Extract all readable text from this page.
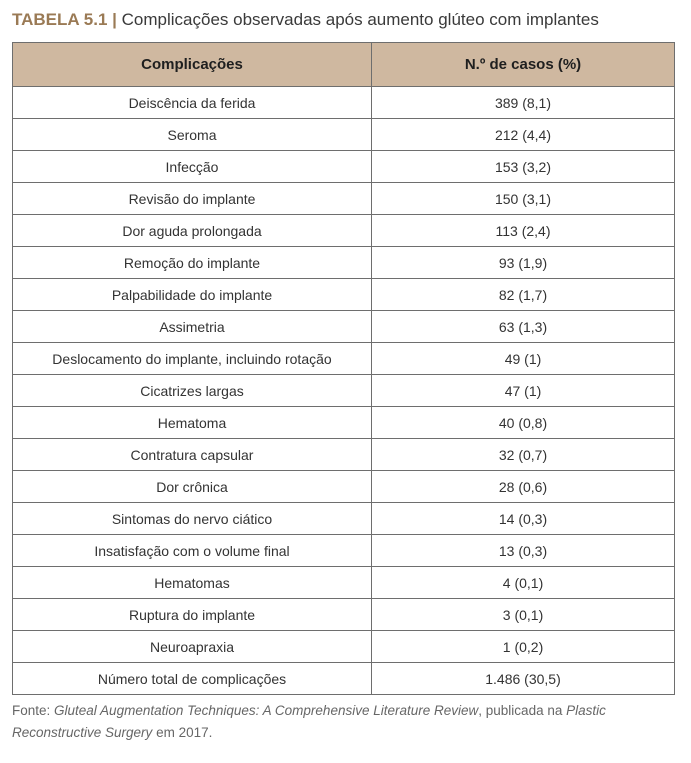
TABELA 5.1 | Complicações observadas após aumento glúteo com implantes
Complicações	N.º de casos (%)
Deiscência da ferida	389 (8,1)
Seroma	212 (4,4)
Infecção	153 (3,2)
Revisão do implante	150 (3,1)
Dor aguda prolongada	113 (2,4)
Remoção do implante	93 (1,9)
Palpabilidade do implante	82 (1,7)
Assimetria	63 (1,3)
Deslocamento do implante, incluindo rotação	49 (1)
Cicatrizes largas	47 (1)
Hematoma	40 (0,8)
Contratura capsular	32 (0,7)
Dor crônica	28 (0,6)
Sintomas do nervo ciático	14 (0,3)
Insatisfação com o volume final	13 (0,3)
Hematomas	4 (0,1)
Ruptura do implante	3 (0,1)
Neuroapraxia	1 (0,2)
Número total de complicações	1.486 (30,5)
Fonte: Gluteal Augmentation Techniques: A Comprehensive Literature Review, publicada na Plastic Reconstructive Surgery em 2017.
